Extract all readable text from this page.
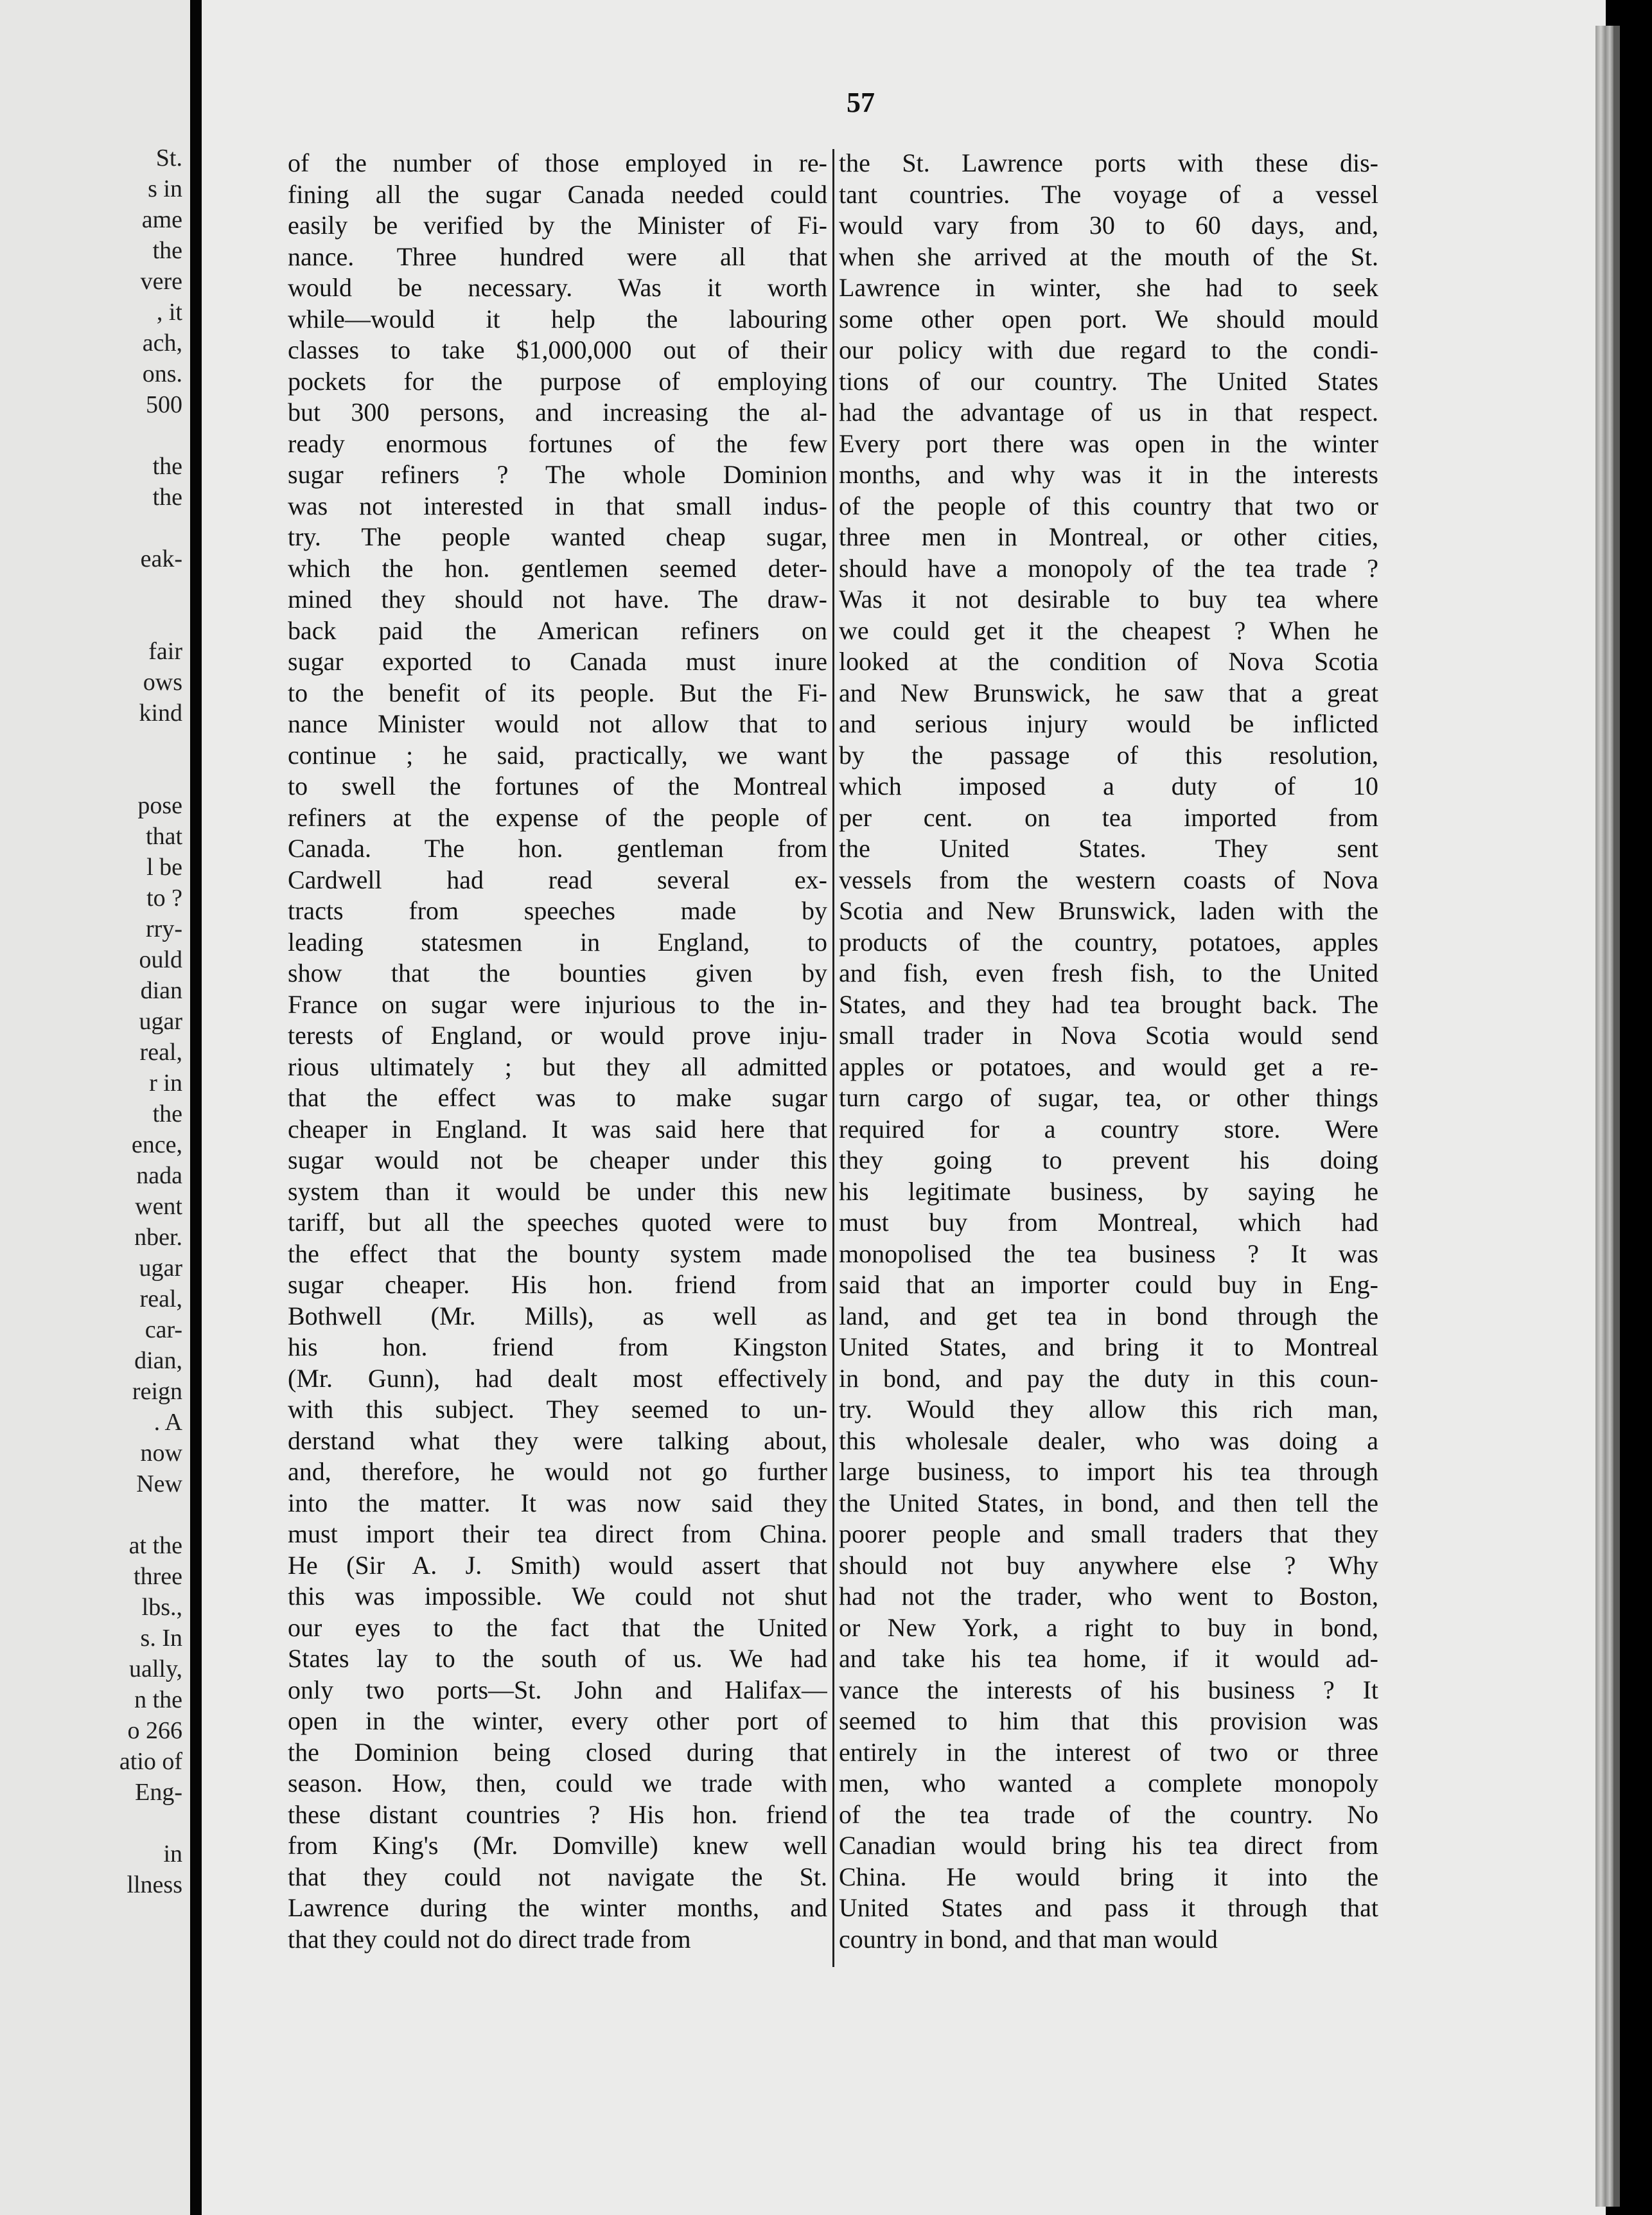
St.
s in
ame
the
vere
, it
ach,
ons.
500
the
the
eak-
fair
ows
kind
pose
that
l be
to ?
rry-
ould
dian
ugar
real,
r in
the
ence,
nada
went
nber.
ugar
real,
car-
dian,
reign
. A
now
New
at the
three
lbs.,
s. In
ually,
n the
o 266
atio of
Eng-
in
llness
57
of the number of those employed in re-
fining all the sugar Canada needed could
easily be verified by the Minister of Fi-
nance. Three hundred were all that
would be necessary. Was it worth
while—would it help the labouring
classes to take $1,000,000 out of their
pockets for the purpose of employing
but 300 persons, and increasing the al-
ready enormous fortunes of the few
sugar refiners ? The whole Dominion
was not interested in that small indus-
try. The people wanted cheap sugar,
which the hon. gentlemen seemed deter-
mined they should not have. The draw-
back paid the American refiners on
sugar exported to Canada must inure
to the benefit of its people. But the Fi-
nance Minister would not allow that to
continue ; he said, practically, we want
to swell the fortunes of the Montreal
refiners at the expense of the people of
Canada. The hon. gentleman from
Cardwell had read several ex-
tracts from speeches made by
leading statesmen in England, to
show that the bounties given by
France on sugar were injurious to the in-
terests of England, or would prove inju-
rious ultimately ; but they all admitted
that the effect was to make sugar
cheaper in England. It was said here that
sugar would not be cheaper under this
system than it would be under this new
tariff, but all the speeches quoted were to
the effect that the bounty system made
sugar cheaper. His hon. friend from
Bothwell (Mr. Mills), as well as
his hon. friend from Kingston
(Mr. Gunn), had dealt most effectively
with this subject. They seemed to un-
derstand what they were talking about,
and, therefore, he would not go further
into the matter. It was now said they
must import their tea direct from China.
He (Sir A. J. Smith) would assert that
this was impossible. We could not shut
our eyes to the fact that the United
States lay to the south of us. We had
only two ports—St. John and Halifax—
open in the winter, every other port of
the Dominion being closed during that
season. How, then, could we trade with
these distant countries ? His hon. friend
from King's (Mr. Domville) knew well
that they could not navigate the St.
Lawrence during the winter months, and
that they could not do direct trade from
the St. Lawrence ports with these dis-
tant countries. The voyage of a vessel
would vary from 30 to 60 days, and,
when she arrived at the mouth of the St.
Lawrence in winter, she had to seek
some other open port. We should mould
our policy with due regard to the condi-
tions of our country. The United States
had the advantage of us in that respect.
Every port there was open in the winter
months, and why was it in the interests
of the people of this country that two or
three men in Montreal, or other cities,
should have a monopoly of the tea trade ?
Was it not desirable to buy tea where
we could get it the cheapest ? When he
looked at the condition of Nova Scotia
and New Brunswick, he saw that a great
and serious injury would be inflicted
by the passage of this resolution,
which imposed a duty of 10
per cent. on tea imported from
the United States. They sent
vessels from the western coasts of Nova
Scotia and New Brunswick, laden with the
products of the country, potatoes, apples
and fish, even fresh fish, to the United
States, and they had tea brought back. The
small trader in Nova Scotia would send
apples or potatoes, and would get a re-
turn cargo of sugar, tea, or other things
required for a country store. Were
they going to prevent his doing
his legitimate business, by saying he
must buy from Montreal, which had
monopolised the tea business ? It was
said that an importer could buy in Eng-
land, and get tea in bond through the
United States, and bring it to Montreal
in bond, and pay the duty in this coun-
try. Would they allow this rich man,
this wholesale dealer, who was doing a
large business, to import his tea through
the United States, in bond, and then tell the
poorer people and small traders that they
should not buy anywhere else ? Why
had not the trader, who went to Boston,
or New York, a right to buy in bond,
and take his tea home, if it would ad-
vance the interests of his business ? It
seemed to him that this provision was
entirely in the interest of two or three
men, who wanted a complete monopoly
of the tea trade of the country. No
Canadian would bring his tea direct from
China. He would bring it into the
United States and pass it through that
country in bond, and that man would
